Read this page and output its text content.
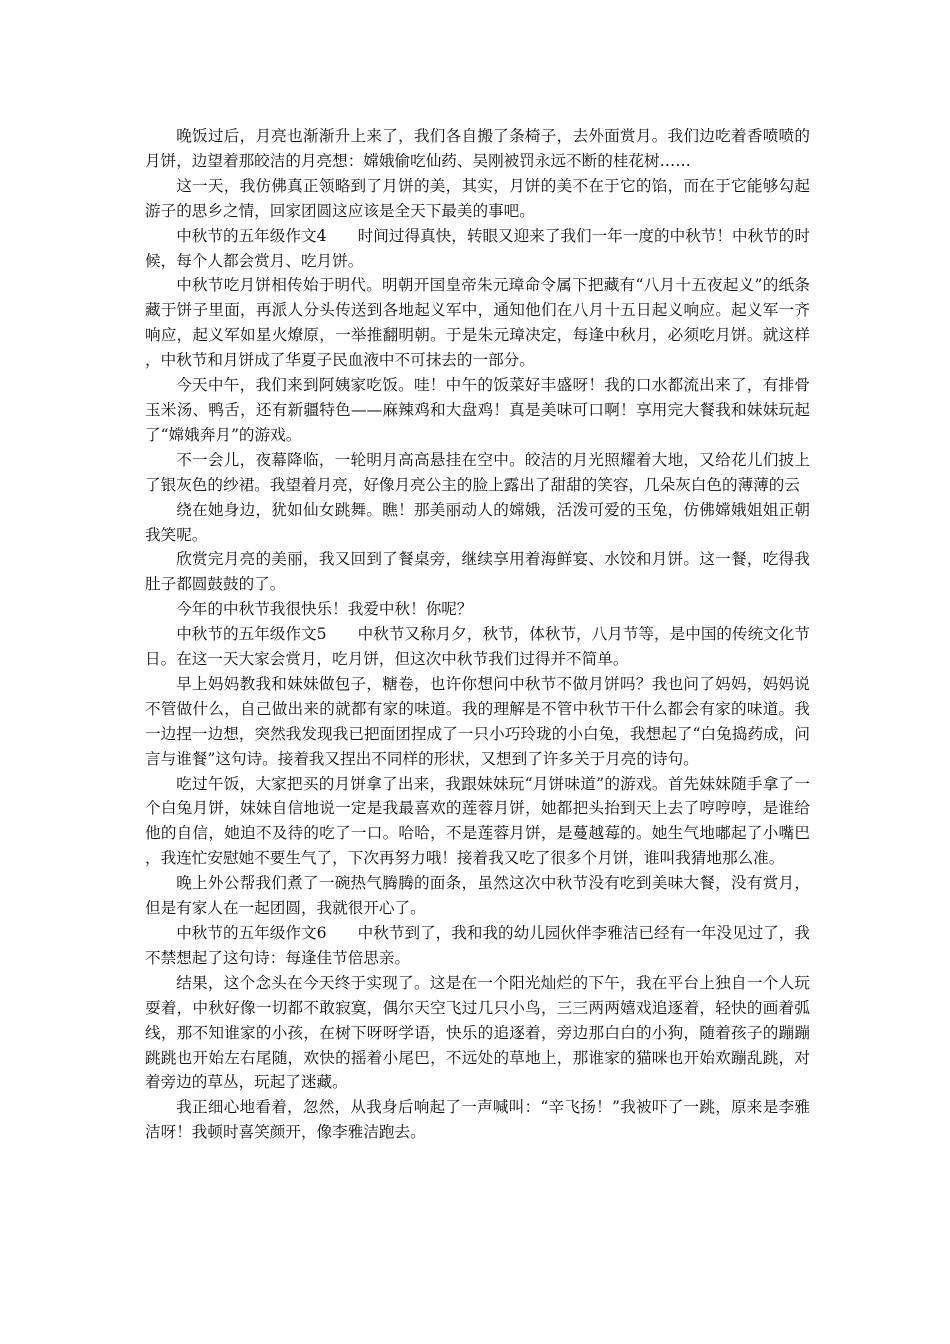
晚饭过后，月亮也渐渐升上来了，我们各自搬了条椅子，去外面赏月。我们边吃着香喷喷的月饼，边望着那皎洁的月亮想：嫦娥偷吃仙药、吴刚被罚永远不断的桂花树……

这一天，我仿佛真正领略到了月饼的美，其实，月饼的美不在于它的馅，而在于它能够勾起游子的思乡之情，回家团圆这应该是全天下最美的事吧。

中秋节的五年级作文4　　时间过得真快，转眼又迎来了我们一年一度的中秋节！中秋节的时候，每个人都会赏月、吃月饼。

中秋节吃月饼相传始于明代。明朝开国皇帝朱元璋命令属下把藏有“八月十五夜起义”的纸条藏于饼子里面，再派人分头传送到各地起义军中，通知他们在八月十五日起义响应。起义军一齐响应，起义军如星火燎原，一举推翻明朝。于是朱元璋决定，每逢中秋月，必须吃月饼。就这样，中秋节和月饼成了华夏子民血液中不可抹去的一部分。

今天中午，我们来到阿姨家吃饭。哇！中午的饭菜好丰盛呀！我的口水都流出来了，有排骨玉米汤、鸭舌，还有新疆特色——麻辣鸡和大盘鸡！真是美味可口啊！享用完大餐我和妹妹玩起了“嫦娥奔月”的游戏。

不一会儿，夜幕降临，一轮明月高高悬挂在空中。皎洁的月光照耀着大地，又给花儿们披上了银灰色的纱裙。我望着月亮，好像月亮公主的脸上露出了甜甜的笑容，几朵灰白色的薄薄的云

绕在她身边，犹如仙女跳舞。瞧！那美丽动人的嫦娥，活泼可爱的玉兔，仿佛嫦娥姐姐正朝我笑呢。

欣赏完月亮的美丽，我又回到了餐桌旁，继续享用着海鲜宴、水饺和月饼。这一餐，吃得我肚子都圆鼓鼓的了。

今年的中秋节我很快乐！我爱中秋！你呢？

中秋节的五年级作文5　　中秋节又称月夕，秋节，体秋节，八月节等，是中国的传统文化节日。在这一天大家会赏月，吃月饼，但这次中秋节我们过得并不简单。

早上妈妈教我和妹妹做包子，糖卷，也许你想问中秋节不做月饼吗？我也问了妈妈，妈妈说不管做什么，自己做出来的就都有家的味道。我的理解是不管中秋节干什么都会有家的味道。我一边捏一边想，突然我发现我已把面团捏成了一只小巧玲珑的小白兔，我想起了“白兔捣药成，问言与谁餐”这句诗。接着我又捏出不同样的形状，又想到了许多关于月亮的诗句。

吃过午饭，大家把买的月饼拿了出来，我跟妹妹玩“月饼味道”的游戏。首先妹妹随手拿了一个白兔月饼，妹妹自信地说一定是我最喜欢的莲蓉月饼，她都把头抬到天上去了哼哼哼，是谁给他的自信，她迫不及待的吃了一口。哈哈，不是莲蓉月饼，是蔓越莓的。她生气地嘟起了小嘴巴，我连忙安慰她不要生气了，下次再努力哦！接着我又吃了很多个月饼，谁叫我猜地那么准。

晚上外公帮我们煮了一碗热气腾腾的面条，虽然这次中秋节没有吃到美味大餐，没有赏月，但是有家人在一起团圆，我就很开心了。

中秋节的五年级作文6　　中秋节到了，我和我的幼儿园伙伴李雅洁已经有一年没见过了，我不禁想起了这句诗：每逢佳节倍思亲。

结果，这个念头在今天终于实现了。这是在一个阳光灿烂的下午，我在平台上独自一个人玩耍着，中秋好像一切都不敢寂寞，偶尔天空飞过几只小鸟，三三两两嬉戏追逐着，轻快的画着弧线，那不知谁家的小孩，在树下呀呀学语，快乐的追逐着，旁边那白白的小狗，随着孩子的蹦蹦跳跳也开始左右尾随，欢快的摇着小尾巴，不远处的草地上，那谁家的猫咪也开始欢蹦乱跳，对着旁边的草丛，玩起了迷藏。

我正细心地看着，忽然，从我身后响起了一声喊叫：“辛飞扬！”我被吓了一跳，原来是李雅洁呀！我顿时喜笑颜开，像李雅洁跑去。
